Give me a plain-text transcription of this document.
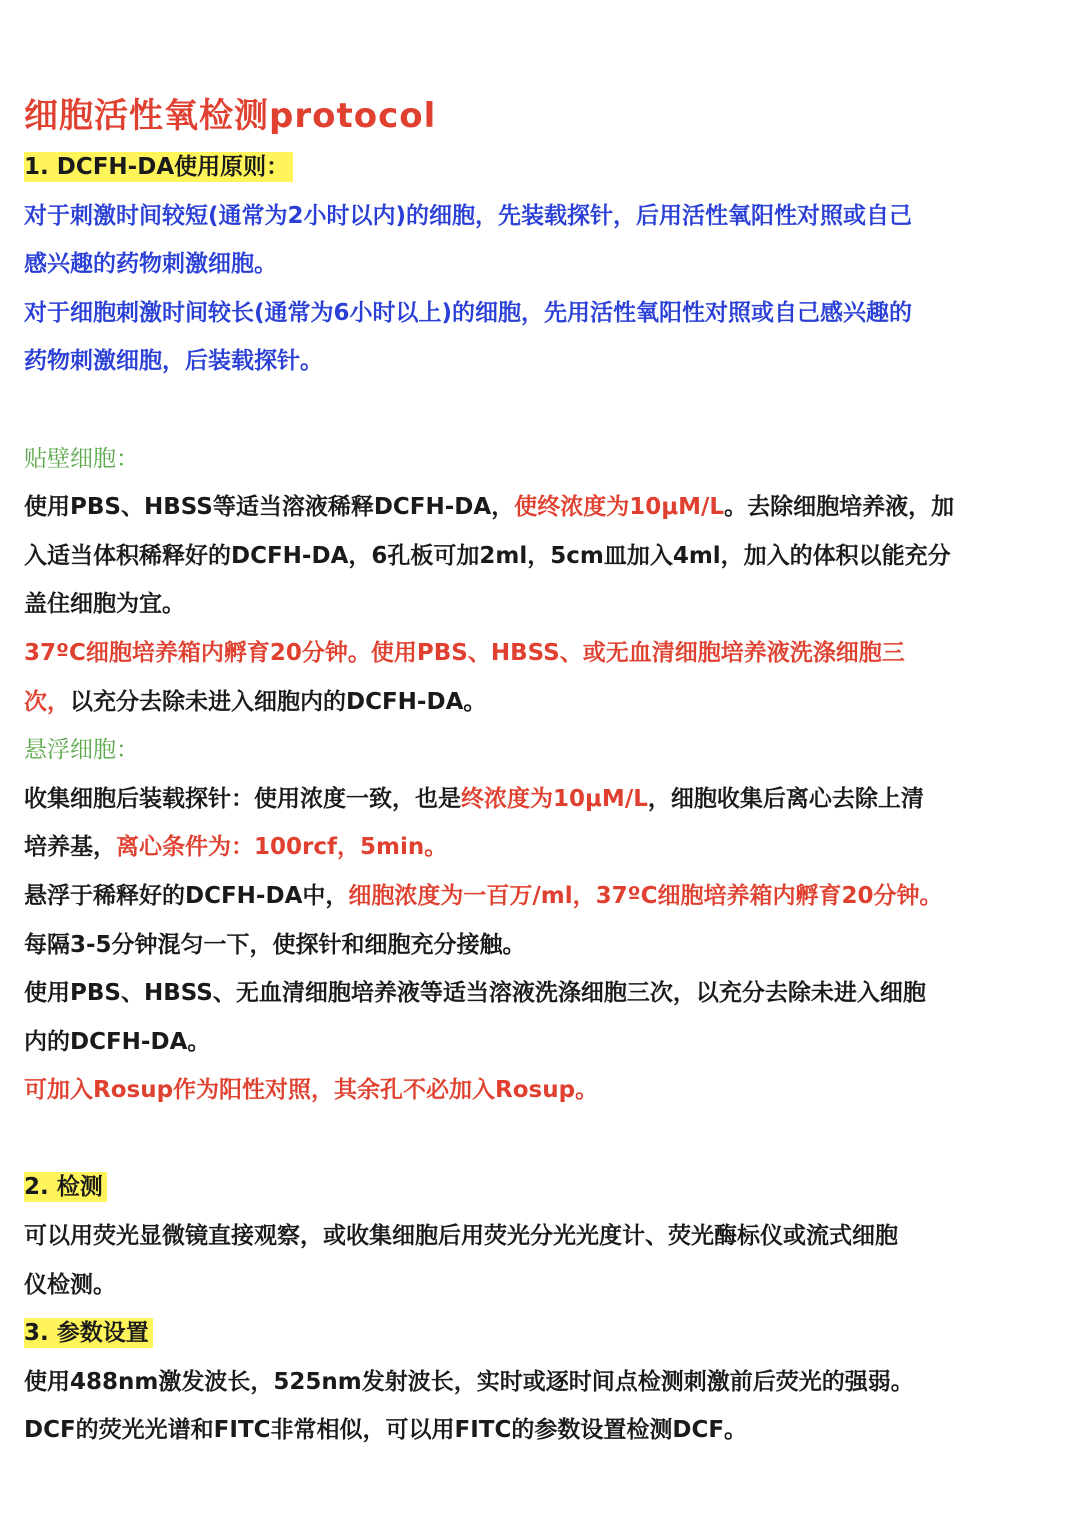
细胞活性氧检测protocol
1. DCFH-DA使用原则：
对于刺激时间较短(通常为2小时以内)的细胞，先装载探针，后用活性氧阳性对照或自己
感兴趣的药物刺激细胞。
对于细胞刺激时间较长(通常为6小时以上)的细胞，先用活性氧阳性对照或自己感兴趣的
药物刺激细胞，后装载探针。
贴壁细胞：
使用PBS、HBSS等适当溶液稀释DCFH-DA，使终浓度为10μM/L。去除细胞培养液，加
入适当体积稀释好的DCFH-DA，6孔板可加2ml，5cm皿加入4ml，加入的体积以能充分
盖住细胞为宜。
37ºC细胞培养箱内孵育20分钟。使用PBS、HBSS、或无血清细胞培养液洗涤细胞三
次，以充分去除未进入细胞内的DCFH-DA。
悬浮细胞：
收集细胞后装载探针：使用浓度一致，也是终浓度为10μM/L，细胞收集后离心去除上清
培养基，离心条件为：100rcf，5min。
悬浮于稀释好的DCFH-DA中，细胞浓度为一百万/ml，37ºC细胞培养箱内孵育20分钟。
每隔3-5分钟混匀一下，使探针和细胞充分接触。
使用PBS、HBSS、无血清细胞培养液等适当溶液洗涤细胞三次，以充分去除未进入细胞
内的DCFH-DA。
可加入Rosup作为阳性对照，其余孔不必加入Rosup。
2. 检测
可以用荧光显微镜直接观察，或收集细胞后用荧光分光光度计、荧光酶标仪或流式细胞
仪检测。
3. 参数设置
使用488nm激发波长，525nm发射波长，实时或逐时间点检测刺激前后荧光的强弱。
DCF的荧光光谱和FITC非常相似，可以用FITC的参数设置检测DCF。
